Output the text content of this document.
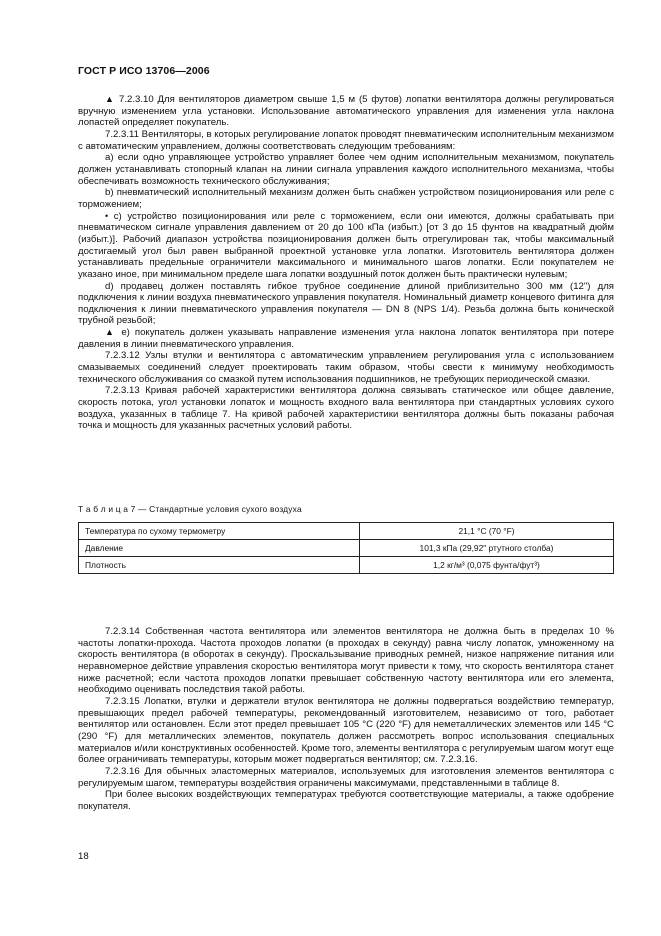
ГОСТ Р ИСО 13706—2006

▲ 7.2.3.10 Для вентиляторов диаметром свыше 1,5 м (5 футов) лопатки вентилятора должны регулироваться вручную изменением угла установки. Использование автоматического управления для изменения угла наклона лопастей определяет покупатель.

7.2.3.11 Вентиляторы, в которых регулирование лопаток проводят пневматическим исполнительным механизмом с автоматическим управлением, должны соответствовать следующим требованиям:

a) если одно управляющее устройство управляет более чем одним исполнительным механизмом, покупатель должен устанавливать стопорный клапан на линии сигнала управления каждого исполнительного механизма, чтобы обеспечивать возможность технического обслуживания;

b) пневматический исполнительный механизм должен быть снабжен устройством позиционирования или реле с торможением;

• c) устройство позиционирования или реле с торможением, если они имеются, должны срабатывать при пневматическом сигнале управления давлением от 20 до 100 кПа (избыт.) [от 3 до 15 фунтов на квадратный дюйм (избыт.)]. Рабочий диапазон устройства позиционирования должен быть отрегулирован так, чтобы максимальный достигаемый угол был равен выбранной проектной установке угла лопатки. Изготовитель вентилятора должен устанавливать предельные ограничители максимального и минимального шагов лопатки. Если покупателем не указано иное, при минимальном пределе шага лопатки воздушный поток должен быть практически нулевым;

d) продавец должен поставлять гибкое трубное соединение длиной приблизительно 300 мм (12") для подключения к линии воздуха пневматического управления покупателя. Номинальный диаметр концевого фитинга для подключения к линии пневматического управления покупателя — DN 8 (NPS 1/4). Резьба должна быть конической трубной резьбой;

▲ e) покупатель должен указывать направление изменения угла наклона лопаток вентилятора при потере давления в линии пневматического управления.

7.2.3.12 Узлы втулки и вентилятора с автоматическим управлением регулирования угла с использованием смазываемых соединений следует проектировать таким образом, чтобы свести к минимуму необходимость технического обслуживания со смазкой путем использования подшипников, не требующих периодической смазки.

7.2.3.13 Кривая рабочей характеристики вентилятора должна связывать статическое или общее давление, скорость потока, угол установки лопаток и мощность входного вала вентилятора при стандартных условиях сухого воздуха, указанных в таблице 7. На кривой рабочей характеристики вентилятора должны быть показаны рабочая точка и мощность для указанных расчетных условий работы.

Т а б л и ц а 7 — Стандартные условия сухого воздуха
Температура по сухому термометру	21,1 °С (70 °F)
Давление	101,3 кПа (29,92" ртутного столба)
Плотность	1,2 кг/м³ (0,075 фунта/фут³)

7.2.3.14 Собственная частота вентилятора или элементов вентилятора не должна быть в пределах 10 % частоты лопатки-прохода. Частота проходов лопатки (в проходах в секунду) равна числу лопаток, умноженному на скорость вентилятора (в оборотах в секунду). Проскальзывание приводных ремней, низкое напряжение питания или неравномерное действие управления скоростью вентилятора могут привести к тому, что скорость вентилятора станет ниже расчетной; если частота проходов лопатки превышает собственную частоту вентилятора или его элемента, необходимо оценивать последствия такой работы.

7.2.3.15 Лопатки, втулки и держатели втулок вентилятора не должны подвергаться воздействию температур, превышающих предел рабочей температуры, рекомендованный изготовителем, независимо от того, работает вентилятор или остановлен. Если этот предел превышает 105 °С (220 °F) для неметаллических элементов или 145 °С (290 °F) для металлических элементов, покупатель должен рассмотреть вопрос использования специальных материалов и/или конструктивных особенностей. Кроме того, элементы вентилятора с регулируемым шагом могут еще более ограничивать температуры, которым может подвергаться вентилятор; см. 7.2.3.16.

7.2.3.16 Для обычных эластомерных материалов, используемых для изготовления элементов вентилятора с регулируемым шагом, температуры воздействия ограничены максимумами, представленными в таблице 8.

При более высоких воздействующих температурах требуются соответствующие материалы, а также одобрение покупателя.

18
